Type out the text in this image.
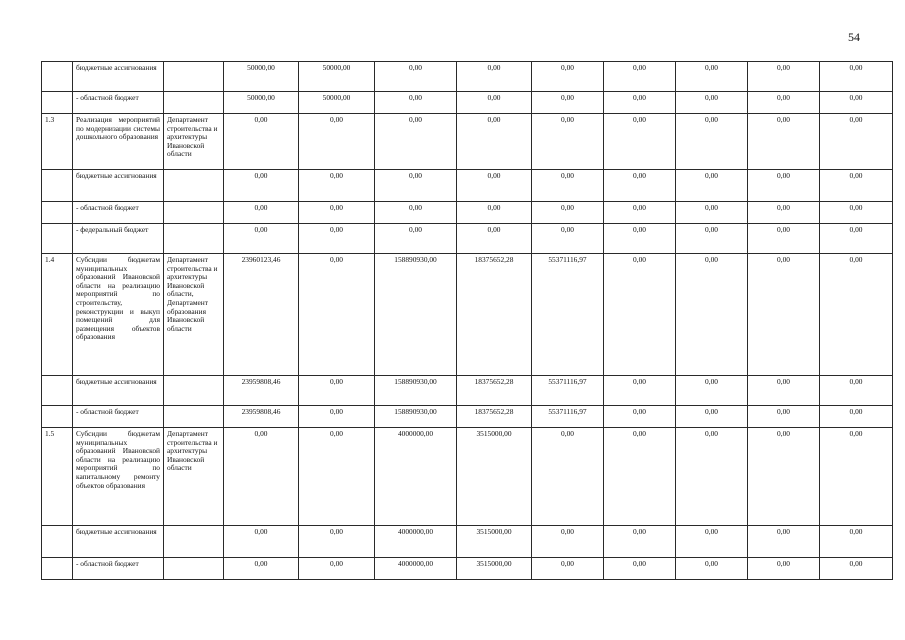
54
	бюджетные ассигнования		50000,00	50000,00	0,00	0,00	0,00	0,00	0,00	0,00	0,00
	- областной бюджет		50000,00	50000,00	0,00	0,00	0,00	0,00	0,00	0,00	0,00
1.3	Реализация мероприятий по модернизации системы дошкольного образования	Департамент строительства и архитектуры Ивановской области	0,00	0,00	0,00	0,00	0,00	0,00	0,00	0,00	0,00
	бюджетные ассигнования		0,00	0,00	0,00	0,00	0,00	0,00	0,00	0,00	0,00
	- областной бюджет		0,00	0,00	0,00	0,00	0,00	0,00	0,00	0,00	0,00
	- федеральный бюджет		0,00	0,00	0,00	0,00	0,00	0,00	0,00	0,00	0,00
1.4	Субсидии бюджетам муниципальных образований Ивановской области на реализацию мероприятий по строительству, реконструкции и выкуп помещений для размещения объектов образования	Департамент строительства и архитектуры Ивановской области, Департамент образования Ивановской области	23960123,46	0,00	158890930,00	18375652,28	55371116,97	0,00	0,00	0,00	0,00
	бюджетные ассигнования		23959808,46	0,00	158890930,00	18375652,28	55371116,97	0,00	0,00	0,00	0,00
	- областной бюджет		23959808,46	0,00	158890930,00	18375652,28	55371116,97	0,00	0,00	0,00	0,00
1.5	Субсидии бюджетам муниципальных образований Ивановской области на реализацию мероприятий по капитальному ремонту объектов образования	Департамент строительства и архитектуры Ивановской области	0,00	0,00	4000000,00	3515000,00	0,00	0,00	0,00	0,00	0,00
	бюджетные ассигнования		0,00	0,00	4000000,00	3515000,00	0,00	0,00	0,00	0,00	0,00
	- областной бюджет		0,00	0,00	4000000,00	3515000,00	0,00	0,00	0,00	0,00	0,00
